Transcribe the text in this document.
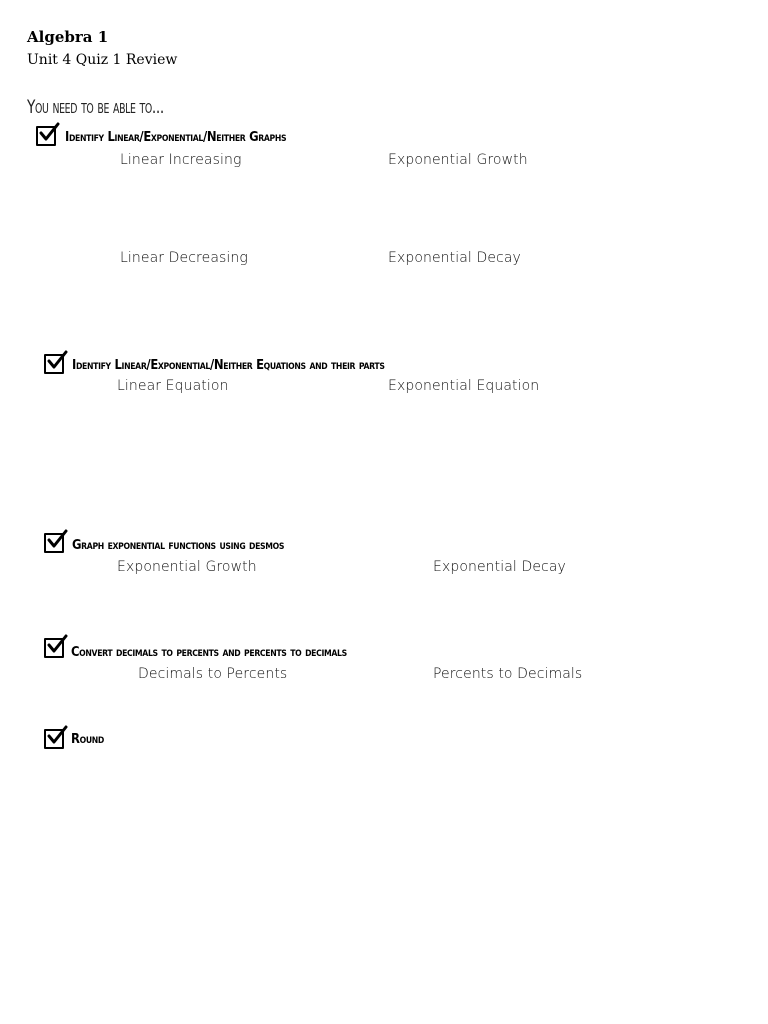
Algebra 1
Unit 4 Quiz 1 Review
You need to be able to...
Identify Linear/Exponential/Neither Graphs
Linear Increasing	Exponential Growth
Linear Decreasing	Exponential Decay
Identify Linear/Exponential/Neither Equations and their parts
Linear Equation	Exponential Equation
Graph exponential functions using desmos
Exponential Growth	Exponential Decay
Convert decimals to percents and percents to decimals
Decimals to Percents	Percents to Decimals
Round
